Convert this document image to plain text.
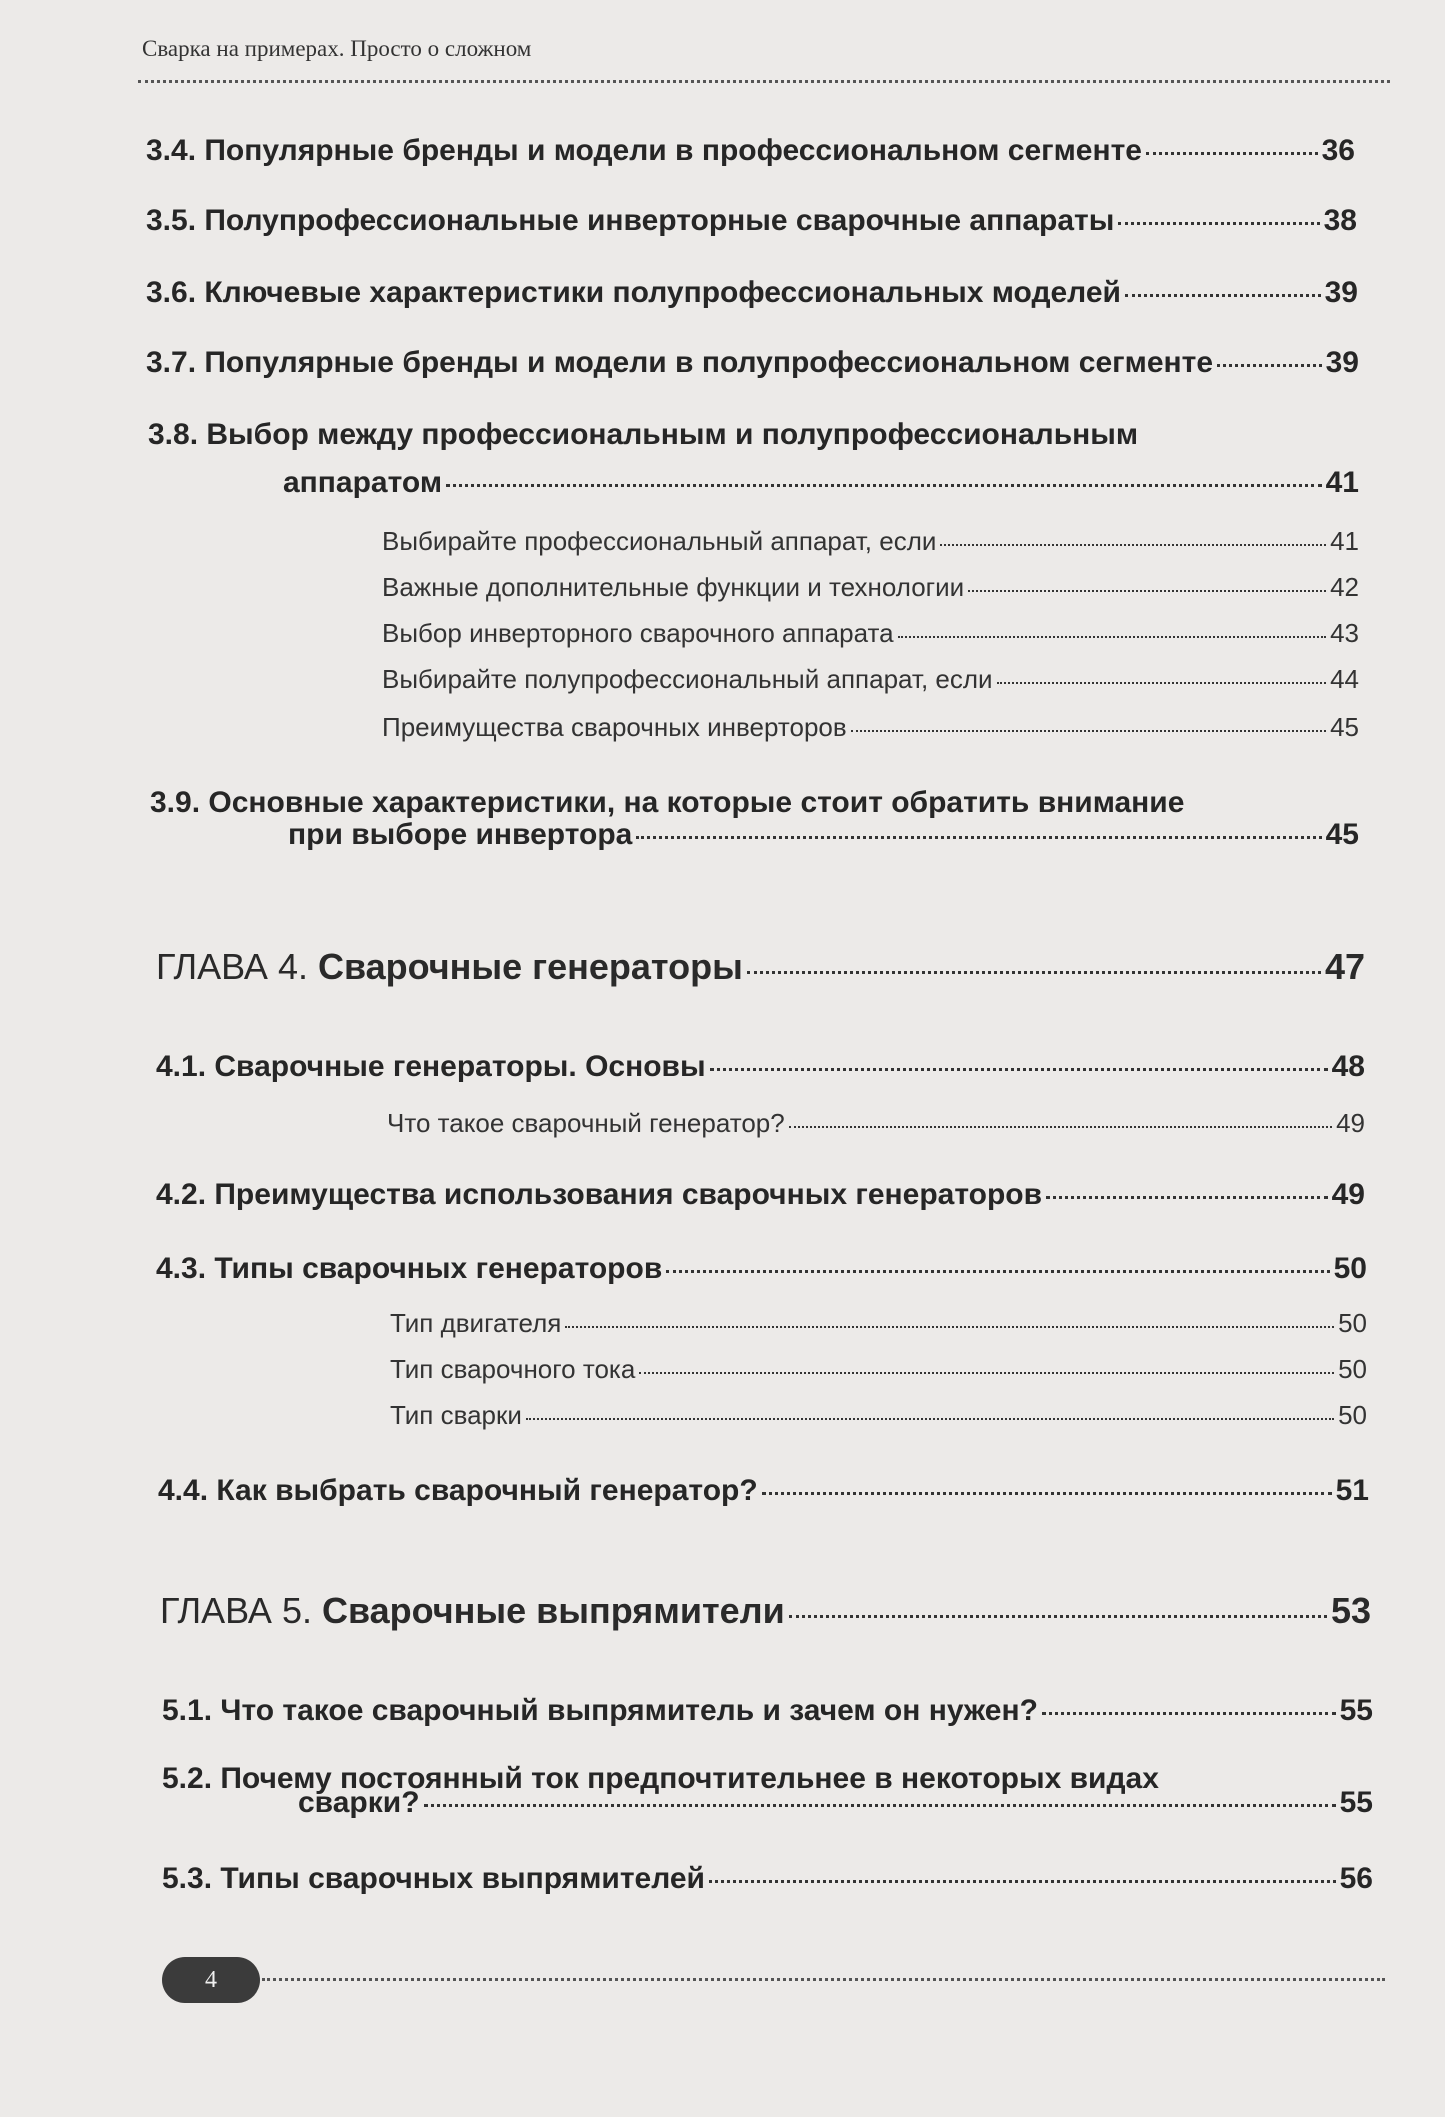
Сварка на примерах. Просто о сложном
3.4. Популярные бренды и модели в профессиональном сегменте	36
3.5. Полупрофессиональные инверторные сварочные аппараты	38
3.6. Ключевые характеристики полупрофессиональных моделей	39
3.7. Популярные бренды и модели в полупрофессиональном сегменте	39
3.8. Выбор между профессиональным и полупрофессиональным
аппаратом	41
Выбирайте профессиональный аппарат, если	41
Важные дополнительные функции и технологии	42
Выбор инверторного сварочного аппарата	43
Выбирайте полупрофессиональный аппарат, если	44
Преимущества сварочных инверторов	45
3.9. Основные характеристики, на которые стоит обратить внимание
при выборе инвертора	45
ГЛАВА 4. Сварочные генераторы	47
4.1. Сварочные генераторы. Основы	48
Что такое сварочный генератор?	49
4.2. Преимущества использования сварочных генераторов	49
4.3. Типы сварочных генераторов	50
Тип двигателя	50
Тип сварочного тока	50
Тип сварки	50
4.4. Как выбрать сварочный генератор?	51
ГЛАВА 5. Сварочные выпрямители	53
5.1. Что такое сварочный выпрямитель и зачем он нужен?	55
5.2. Почему постоянный ток предпочтительнее в некоторых видах
сварки?	55
5.3. Типы сварочных выпрямителей	56
4
